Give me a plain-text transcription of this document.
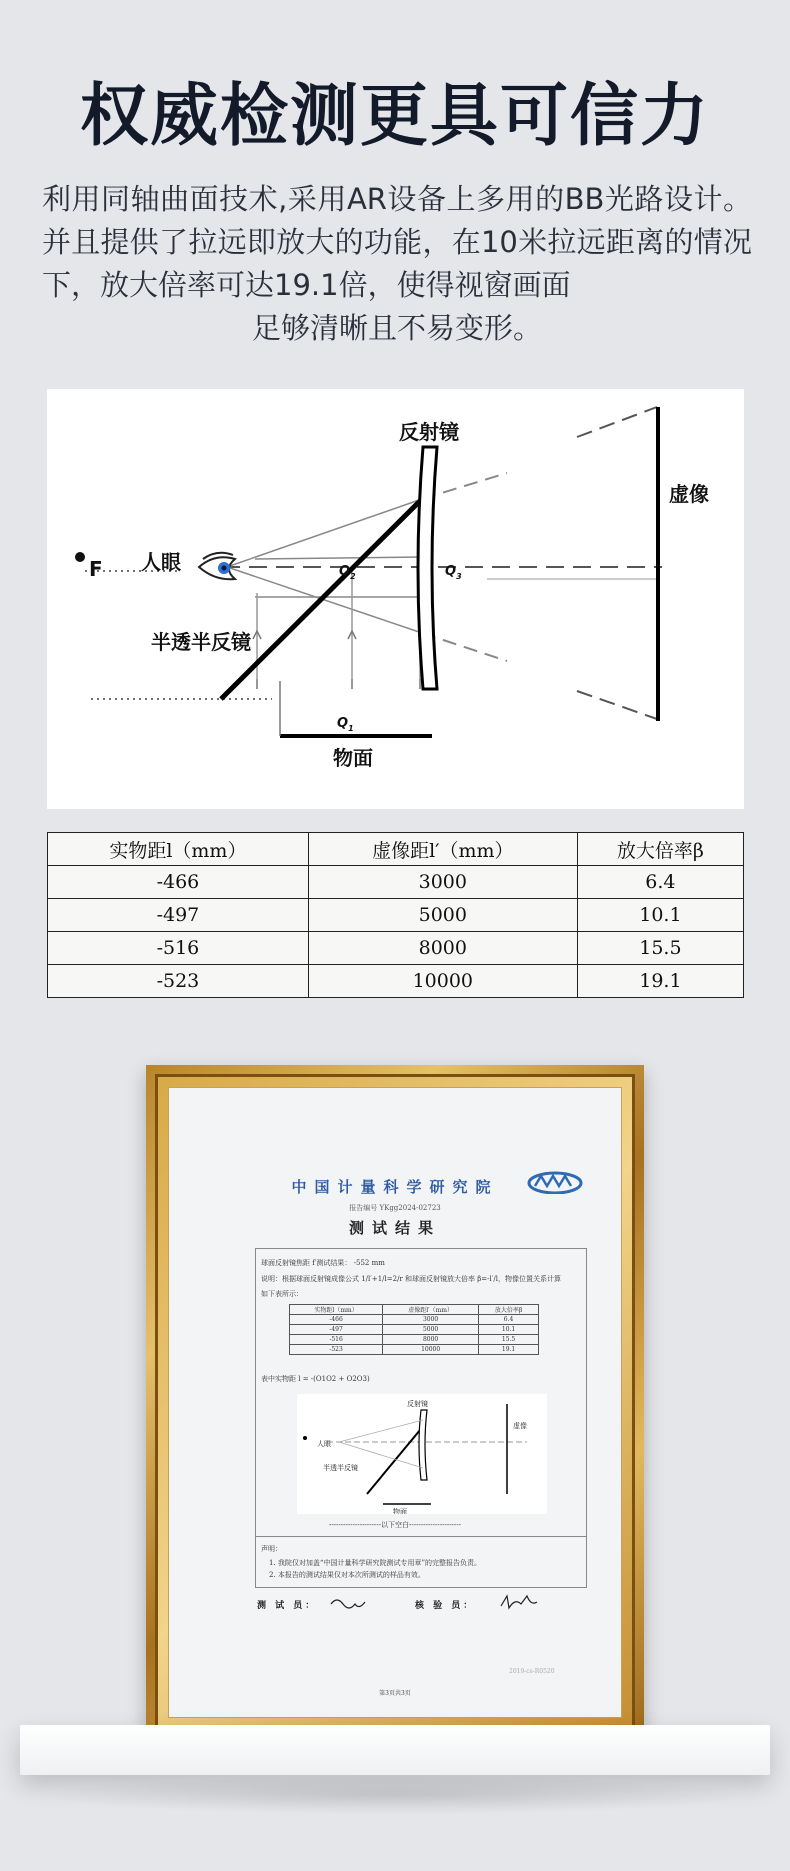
权威检测更具可信力
利用同轴曲面技术,采用AR设备上多用的BB光路设计。并且提供了拉远即放大的功能，在10米拉远距离的情况下，放大倍率可达19.1倍，使得视窗画面
足够清晰且不易变形。
反射镜
虚像
F 人眼
半透半反镜
物面
$Q_2$	$Q_3$
$Q_1$
实物距l（mm）	虚像距l′（mm）	放大倍率β
-466	3000	6.4
-497	5000	10.1
-516	8000	15.5
-523	10000	19.1
中国计量科学研究院
报告编号 YKgg2024-02723
测试结果
球面反射镜焦距 f′测试结果： -552 mm
说明：根据球面反射镜成像公式 1/l′+1/l=2/r 和球面反射镜放大倍率 β=-l′/l，物像位置关系计算
如下表所示：
实物距l（mm）	虚像距l′（mm）	放大倍率β
-466	3000	6.4
-497	5000	10.1
-516	8000	15.5
-523	10000	19.1
表中实物距 l = -(O1O2 + O2O3)
反射镜
虚像
人眼
半透半反镜
物面
----------------------以下空白----------------------
声明：
1. 我院仅对加盖“中国计量科学研究院测试专用章”的完整报告负责。
2. 本报告的测试结果仅对本次所测试的样品有效。
测 试 员：	核 验 员：
2019-cs-R0520
第3页共3页
